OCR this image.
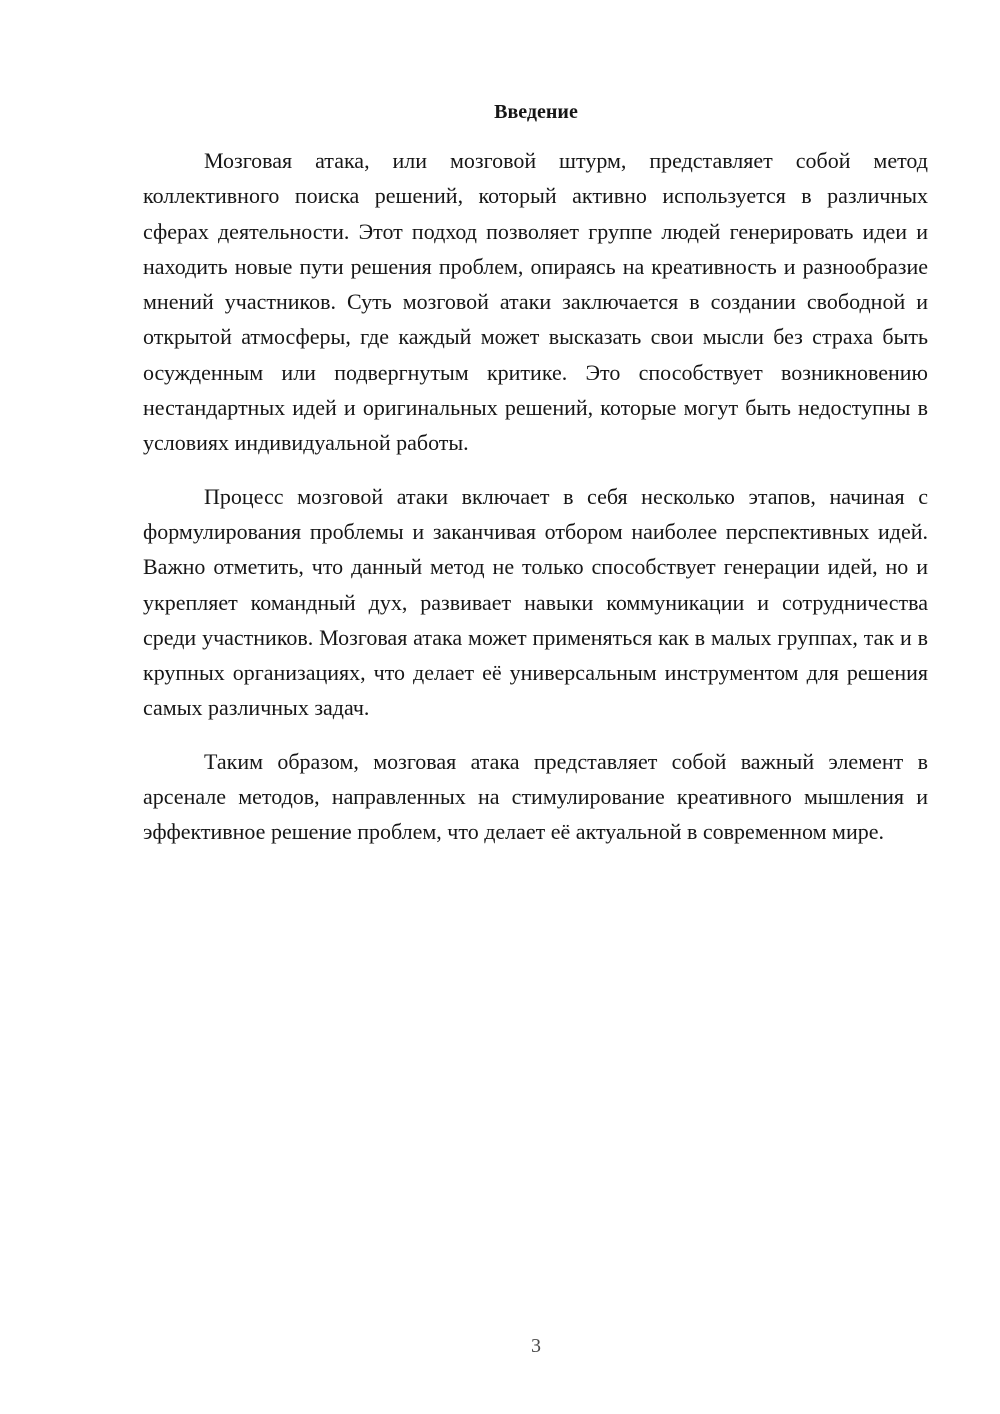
Введение

Мозговая атака, или мозговой штурм, представляет собой метод коллективного поиска решений, который активно используется в различных сферах деятельности. Этот подход позволяет группе людей генерировать идеи и находить новые пути решения проблем, опираясь на креативность и разнообразие мнений участников. Суть мозговой атаки заключается в создании свободной и открытой атмосферы, где каждый может высказать свои мысли без страха быть осужденным или подвергнутым критике. Это способствует возникновению нестандартных идей и оригинальных решений, которые могут быть недоступны в условиях индивидуальной работы.

Процесс мозговой атаки включает в себя несколько этапов, начиная с формулирования проблемы и заканчивая отбором наиболее перспективных идей. Важно отметить, что данный метод не только способствует генерации идей, но и укрепляет командный дух, развивает навыки коммуникации и сотрудничества среди участников. Мозговая атака может применяться как в малых группах, так и в крупных организациях, что делает её универсальным инструментом для решения самых различных задач.

Таким образом, мозговая атака представляет собой важный элемент в арсенале методов, направленных на стимулирование креативного мышления и эффективное решение проблем, что делает её актуальной в современном мире.

3
